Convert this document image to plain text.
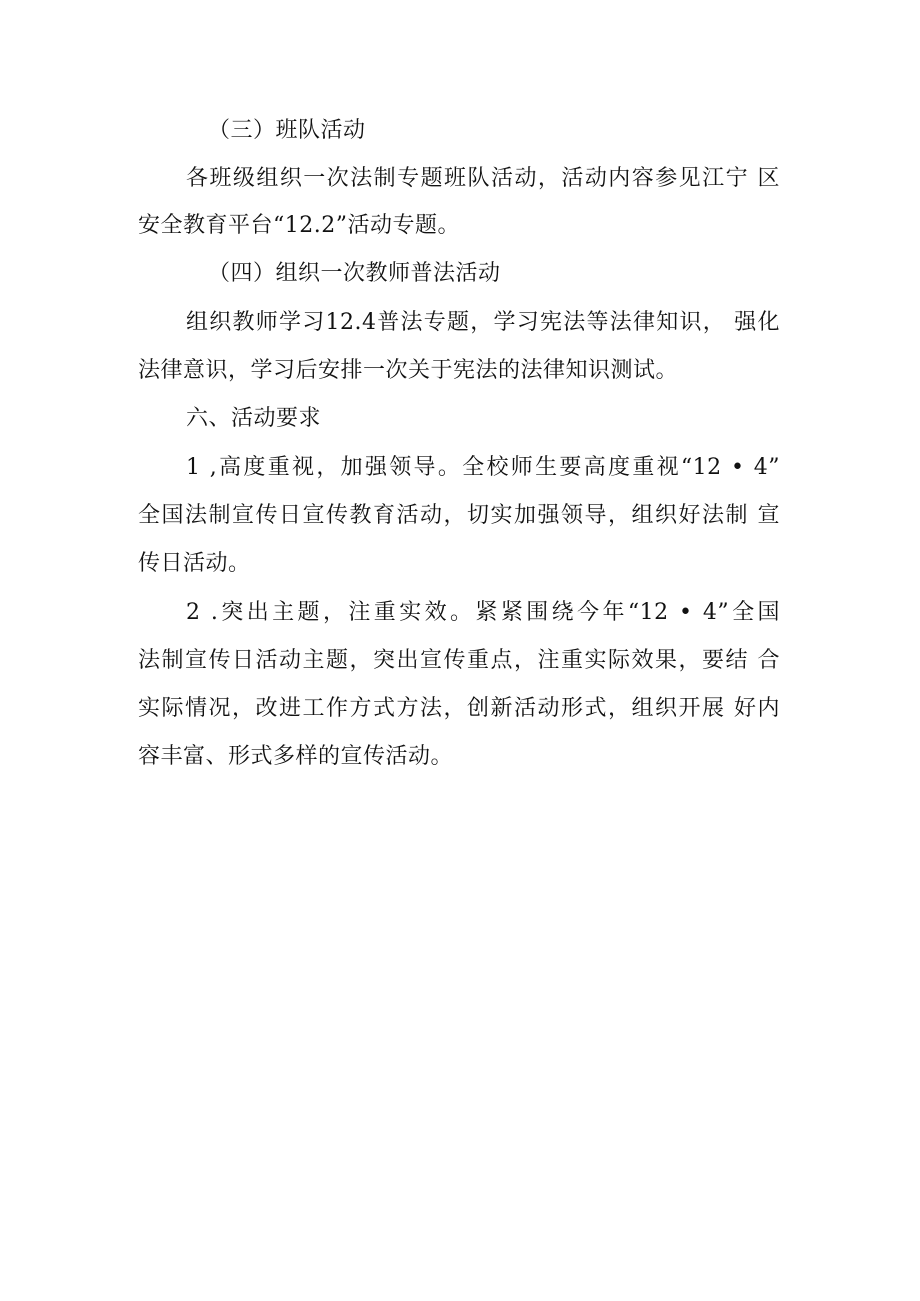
（三）班队活动
各班级组织一次法制专题班队活动，活动内容参见江宁 区
安全教育平台“12.2”活动专题。
（四）组织一次教师普法活动
组织教师学习12.4普法专题，学习宪法等法律知识， 强化
法律意识，学习后安排一次关于宪法的法律知识测试。
六、活动要求
1 ,高度重视，加强领导。全校师生要高度重视“12 • 4”
全国法制宣传日宣传教育活动，切实加强领导，组织好法制 宣
传日活动。
2 .突出主题，注重实效。紧紧围绕今年“12 • 4”全国
法制宣传日活动主题，突出宣传重点，注重实际效果，要结 合
实际情况，改进工作方式方法，创新活动形式，组织开展 好内
容丰富、形式多样的宣传活动。
